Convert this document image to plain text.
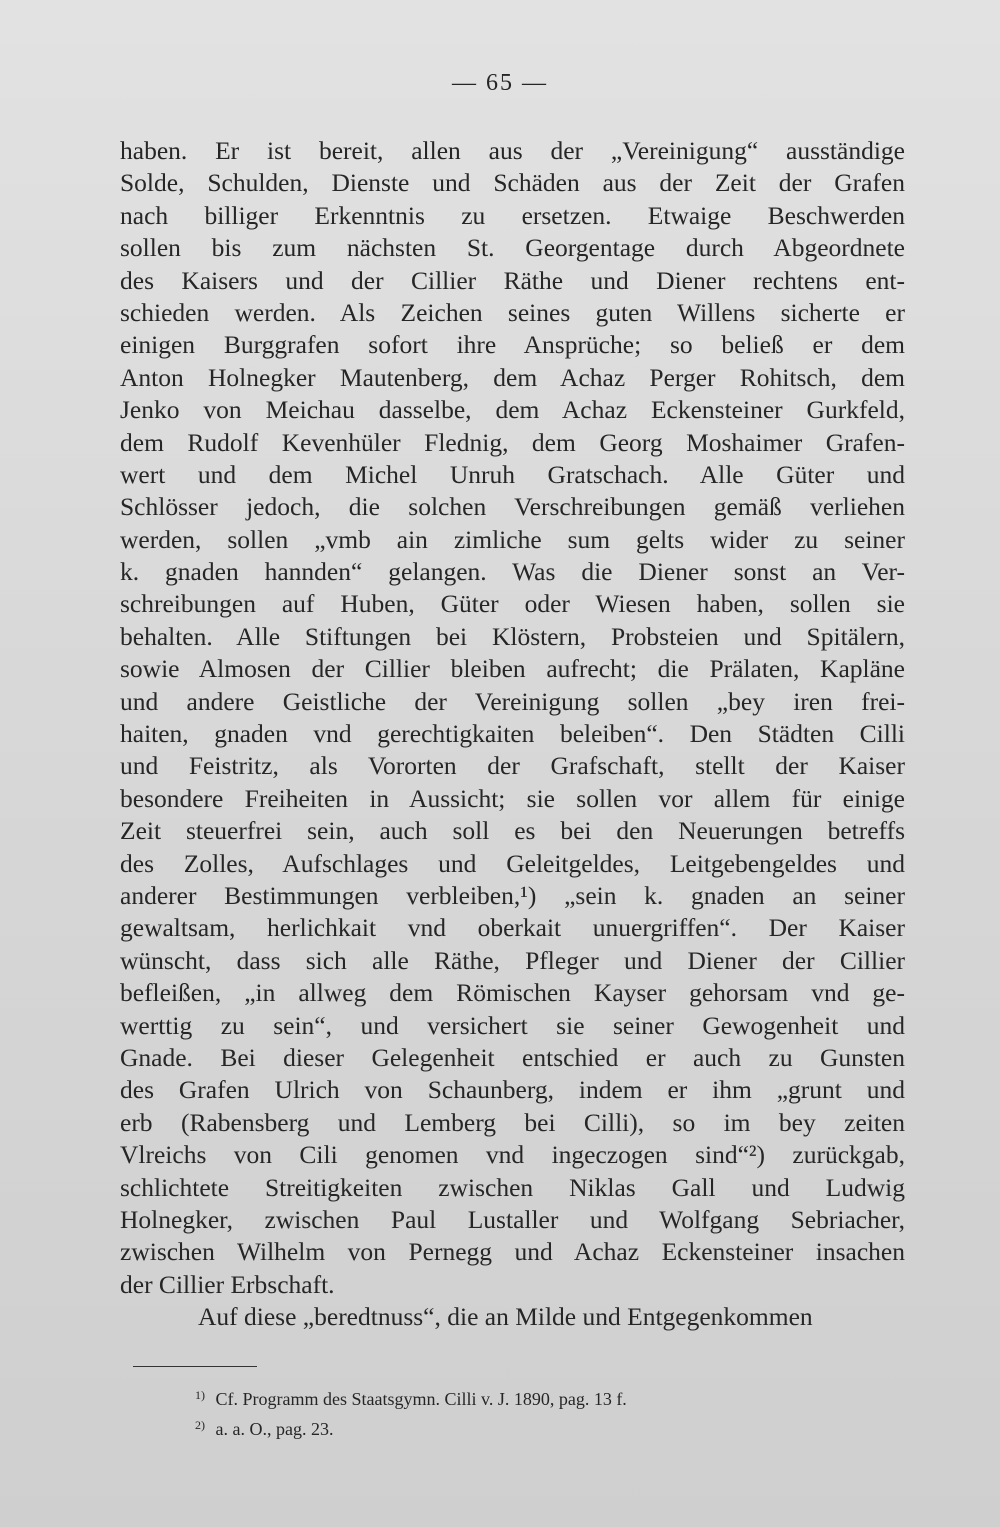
— 65 —
haben. Er ist bereit, allen aus der „Vereinigung“ ausständige
Solde, Schulden, Dienste und Schäden aus der Zeit der Grafen
nach billiger Erkenntnis zu ersetzen. Etwaige Beschwerden
sollen bis zum nächsten St. Georgentage durch Abgeordnete
des Kaisers und der Cillier Räthe und Diener rechtens ent-
schieden werden. Als Zeichen seines guten Willens sicherte er
einigen Burggrafen sofort ihre Ansprüche; so beließ er dem
Anton Holnegker Mautenberg, dem Achaz Perger Rohitsch, dem
Jenko von Meichau dasselbe, dem Achaz Eckensteiner Gurkfeld,
dem Rudolf Kevenhüler Flednig, dem Georg Moshaimer Grafen-
wert und dem Michel Unruh Gratschach. Alle Güter und
Schlösser jedoch, die solchen Verschreibungen gemäß verliehen
werden, sollen „vmb ain zimliche sum gelts wider zu seiner
k. gnaden hannden“ gelangen. Was die Diener sonst an Ver-
schreibungen auf Huben, Güter oder Wiesen haben, sollen sie
behalten. Alle Stiftungen bei Klöstern, Probsteien und Spitälern,
sowie Almosen der Cillier bleiben aufrecht; die Prälaten, Kapläne
und andere Geistliche der Vereinigung sollen „bey iren frei-
haiten, gnaden vnd gerechtigkaiten beleiben“. Den Städten Cilli
und Feistritz, als Vororten der Grafschaft, stellt der Kaiser
besondere Freiheiten in Aussicht; sie sollen vor allem für einige
Zeit steuerfrei sein, auch soll es bei den Neuerungen betreffs
des Zolles, Aufschlages und Geleitgeldes, Leitgebengeldes und
anderer Bestimmungen verbleiben,¹) „sein k. gnaden an seiner
gewaltsam, herlichkait vnd oberkait unuergriffen“. Der Kaiser
wünscht, dass sich alle Räthe, Pfleger und Diener der Cillier
befleißen, „in allweg dem Römischen Kayser gehorsam vnd ge-
werttig zu sein“, und versichert sie seiner Gewogenheit und
Gnade. Bei dieser Gelegenheit entschied er auch zu Gunsten
des Grafen Ulrich von Schaunberg, indem er ihm „grunt und
erb (Rabensberg und Lemberg bei Cilli), so im bey zeiten
Vlreichs von Cili genomen vnd ingeczogen sind“²) zurückgab,
schlichtete Streitigkeiten zwischen Niklas Gall und Ludwig
Holnegker, zwischen Paul Lustaller und Wolfgang Sebriacher,
zwischen Wilhelm von Pernegg und Achaz Eckensteiner insachen
der Cillier Erbschaft.
Auf diese „beredtnuss“, die an Milde und Entgegenkommen
$^{1)}$ Cf. Programm des Staatsgymn. Cilli v. J. 1890, pag. 13 f.
$^{2)}$ a. a. O., pag. 23.
